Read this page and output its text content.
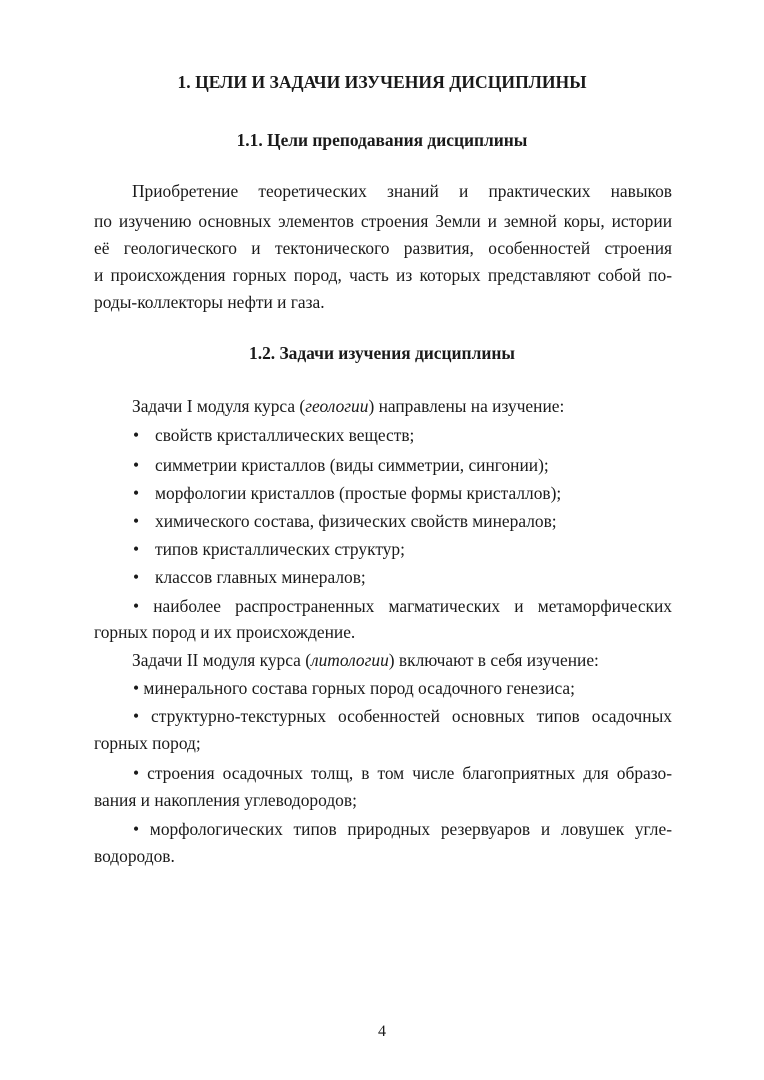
1. ЦЕЛИ И ЗАДАЧИ ИЗУЧЕНИЯ ДИСЦИПЛИНЫ
1.1. Цели преподавания дисциплины
Приобретение теоретических знаний и практических навыков
по изучению основных элементов строения Земли и земной коры, истории
её геологического и тектонического развития, особенностей строения
и происхождения горных пород, часть из которых представляют собой по-
роды-коллекторы нефти и газа.
1.2. Задачи изучения дисциплины
Задачи I модуля курса (геологии) направлены на изучение:
• свойств кристаллических веществ;
• симметрии кристаллов (виды симметрии, сингонии);
• морфологии кристаллов (простые формы кристаллов);
• химического состава, физических свойств минералов;
• типов кристаллических структур;
• классов главных минералов;
• наиболее распространенных магматических и метаморфических
горных пород и их происхождение.
Задачи II модуля курса (литологии) включают в себя изучение:
• минерального состава горных пород осадочного генезиса;
• структурно-текстурных особенностей основных типов осадочных
горных пород;
• строения осадочных толщ, в том числе благоприятных для образо-
вания и накопления углеводородов;
• морфологических типов природных резервуаров и ловушек угле-
водородов.
4
